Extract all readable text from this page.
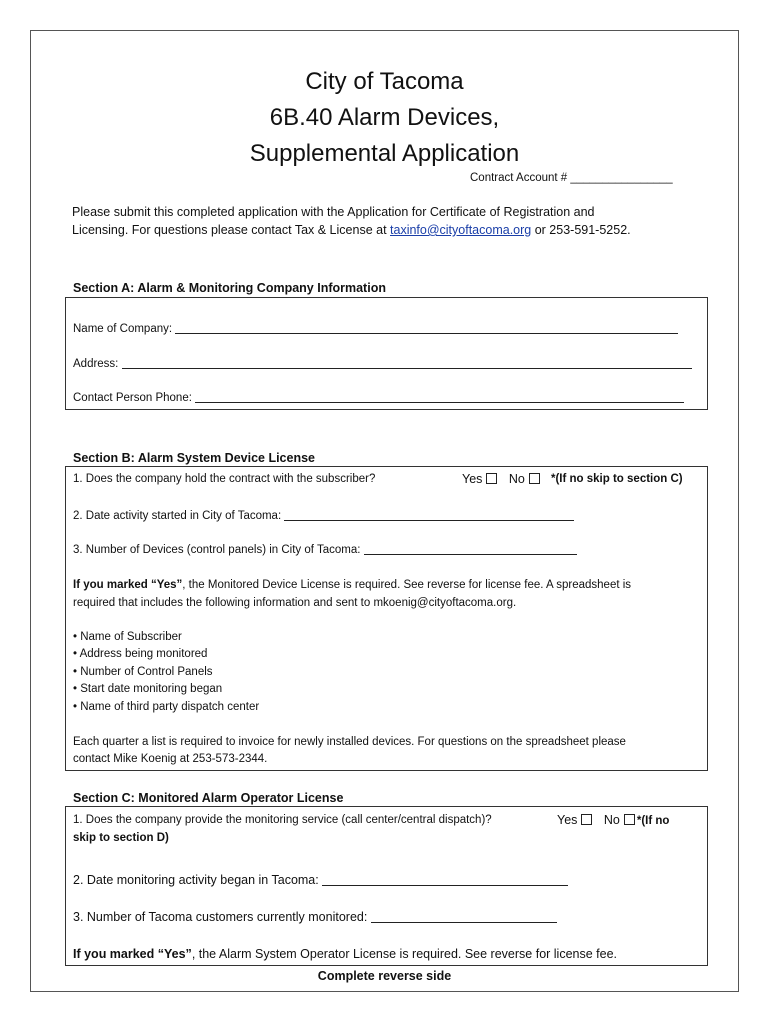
City of Tacoma
6B.40 Alarm Devices,
Supplemental Application
Contract Account # ________________
Please submit this completed application with the Application for Certificate of Registration and
Licensing. For questions please contact Tax & License at taxinfo@cityoftacoma.org or 253-591-5252.
Section A: Alarm & Monitoring Company Information
Name of Company:
Address:
Contact Person Phone:
Section B: Alarm System Device License
1. Does the company hold the contract with the subscriber?	Yes No	*(If no skip to section C)
2. Date activity started in City of Tacoma:
3. Number of Devices (control panels) in City of Tacoma:
If you marked “Yes”, the Monitored Device License is required. See reverse for license fee. A spreadsheet is
required that includes the following information and sent to mkoenig@cityoftacoma.org.
• Name of Subscriber
• Address being monitored
• Number of Control Panels
• Start date monitoring began
• Name of third party dispatch center
Each quarter a list is required to invoice for newly installed devices. For questions on the spreadsheet please
contact Mike Koenig at 253-573-2344.
Section C: Monitored Alarm Operator License
1. Does the company provide the monitoring service (call center/central dispatch)?	Yes No *(If no
skip to section D)
2. Date monitoring activity began in Tacoma:
3. Number of Tacoma customers currently monitored:
If you marked “Yes”, the Alarm System Operator License is required. See reverse for license fee.
Complete reverse side
